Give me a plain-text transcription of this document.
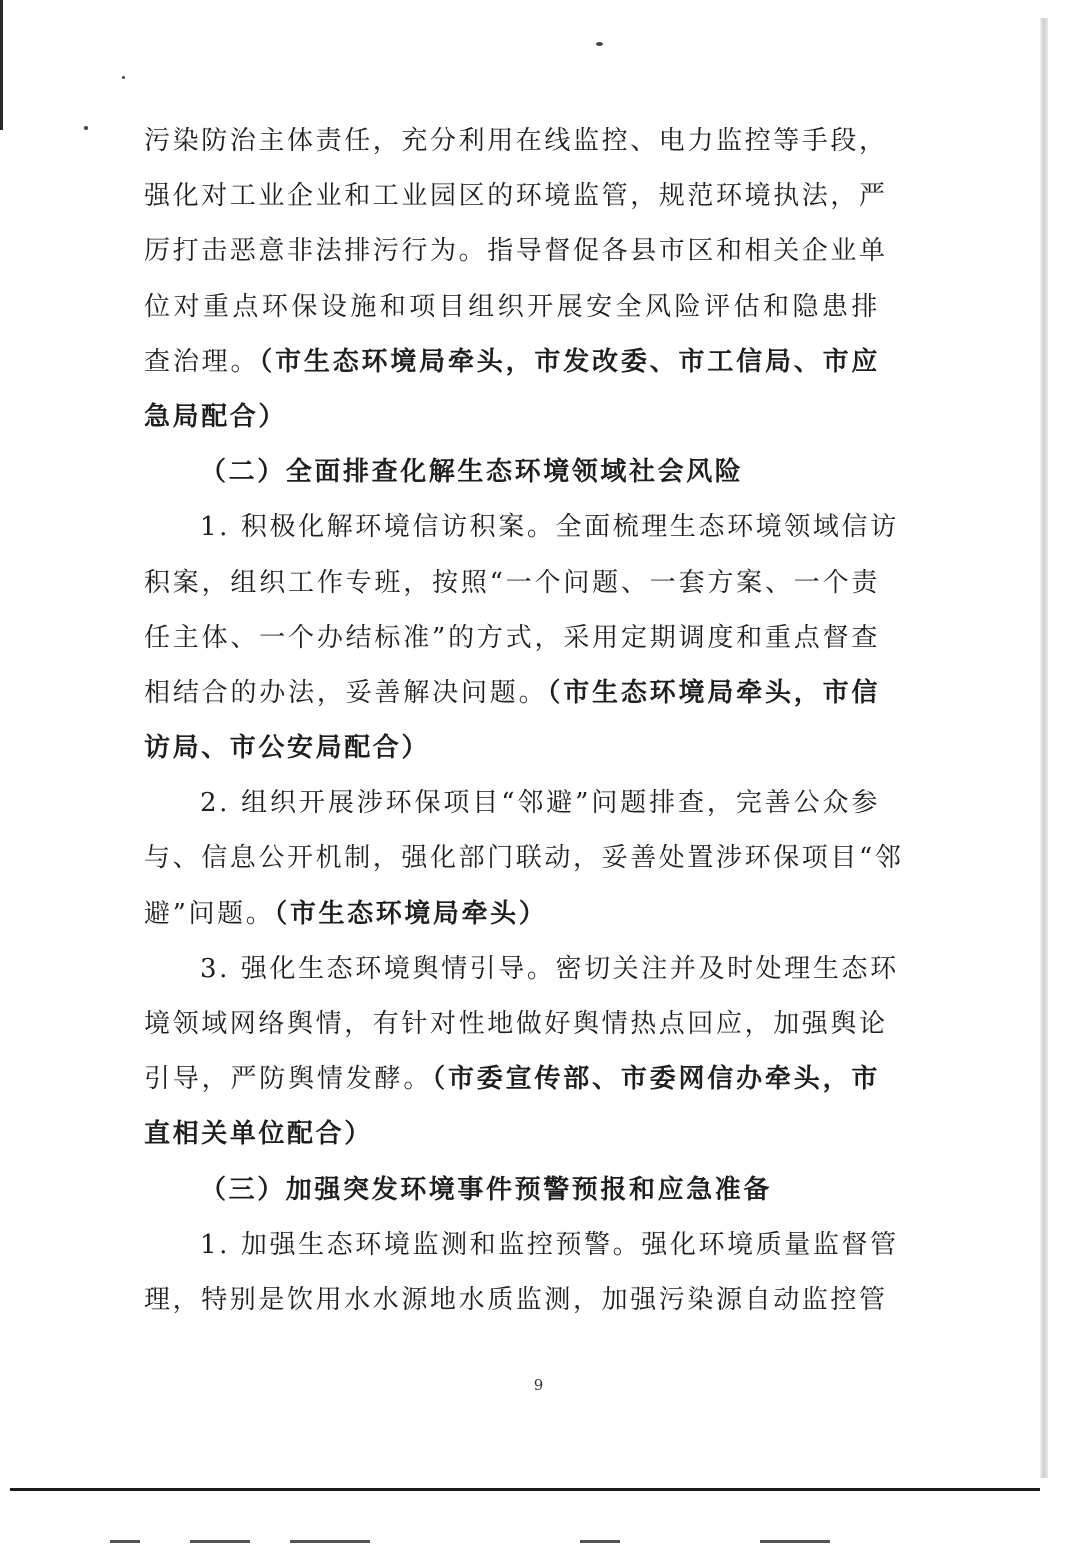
污染防治主体责任，充分利用在线监控、电力监控等手段，
强化对工业企业和工业园区的环境监管，规范环境执法，严
厉打击恶意非法排污行为。指导督促各县市区和相关企业单
位对重点环保设施和项目组织开展安全风险评估和隐患排
查治理。（市生态环境局牵头，市发改委、市工信局、市应
急局配合）
（二）全面排查化解生态环境领域社会风险
1. 积极化解环境信访积案。全面梳理生态环境领域信访
积案，组织工作专班，按照“一个问题、一套方案、一个责
任主体、一个办结标准”的方式，采用定期调度和重点督查
相结合的办法，妥善解决问题。（市生态环境局牵头，市信
访局、市公安局配合）
2. 组织开展涉环保项目“邻避”问题排查，完善公众参
与、信息公开机制，强化部门联动，妥善处置涉环保项目“邻
避”问题。（市生态环境局牵头）
3. 强化生态环境舆情引导。密切关注并及时处理生态环
境领域网络舆情，有针对性地做好舆情热点回应，加强舆论
引导，严防舆情发酵。（市委宣传部、市委网信办牵头，市
直相关单位配合）
（三）加强突发环境事件预警预报和应急准备
1. 加强生态环境监测和监控预警。强化环境质量监督管
理，特别是饮用水水源地水质监测，加强污染源自动监控管
9
